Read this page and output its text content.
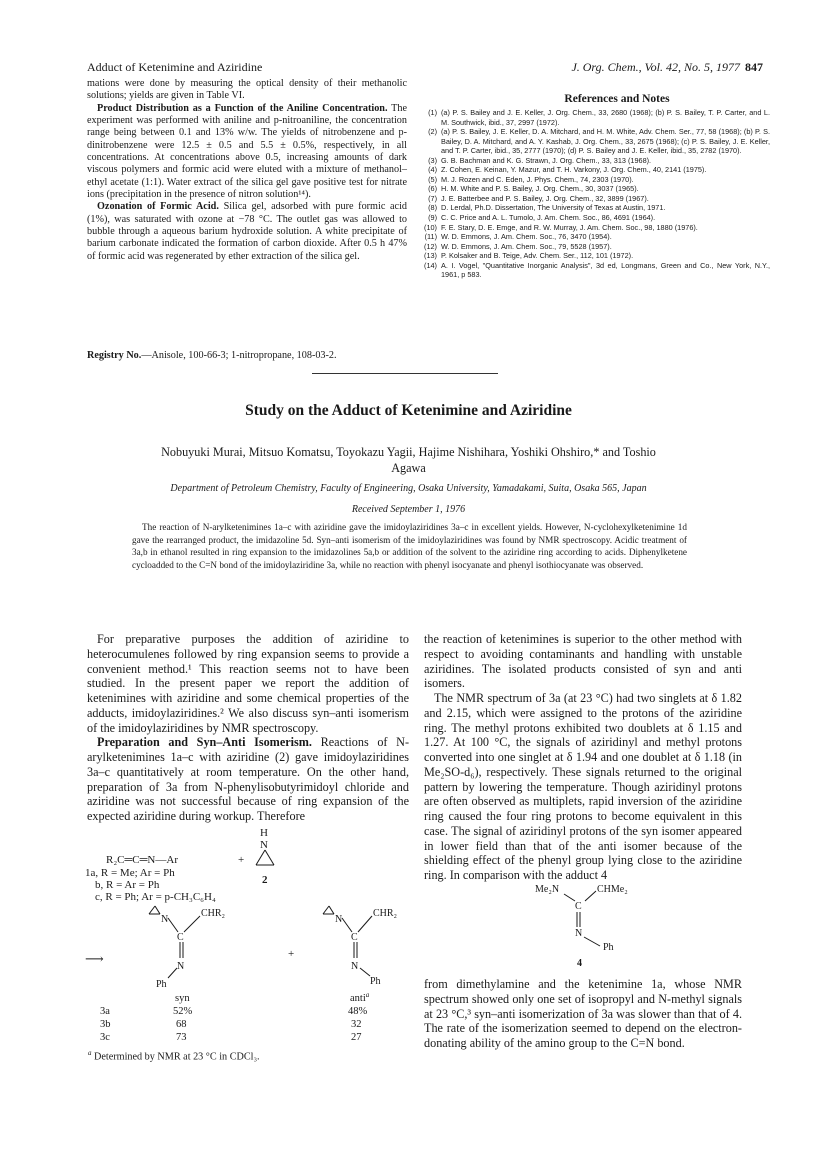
Adduct of Ketenimine and Aziridine	J. Org. Chem., Vol. 42, No. 5, 1977 847

mations were done by measuring the optical density of their methanolic solutions; yields are given in Table VI.

Product Distribution as a Function of the Aniline Concentration. The experiment was performed with aniline and p-nitroaniline, the concentration range being between 0.1 and 13% w/w. The yields of nitrobenzene and p-dinitrobenzene were 12.5 ± 0.5 and 5.5 ± 0.5%, respectively, in all concentrations. At concentrations above 0.5, increasing amounts of dark viscous polymers and formic acid were eluted with a mixture of methanol–ethyl acetate (1:1). Water extract of the silica gel gave positive test for nitrate ions (precipitation in the presence of nitron solution¹⁴).

Ozonation of Formic Acid. Silica gel, adsorbed with pure formic acid (1%), was saturated with ozone at −78 °C. The outlet gas was allowed to bubble through a aqueous barium hydroxide solution. A white precipitate of barium carbonate indicated the formation of carbon dioxide. After 0.5 h 47% of formic acid was regenerated by ether extraction of the silica gel.

Registry No.—Anisole, 100-66-3; 1-nitropropane, 108-03-2.
References and Notes
(1) (a) P. S. Bailey and J. E. Keller, J. Org. Chem., 33, 2680 (1968); (b) P. S. Bailey, T. P. Carter, and L. M. Southwick, ibid., 37, 2997 (1972).
(2) (a) P. S. Bailey, J. E. Keller, D. A. Mitchard, and H. M. White, Adv. Chem. Ser., 77, 58 (1968); (b) P. S. Bailey, D. A. Mitchard, and A. Y. Kashab, J. Org. Chem., 33, 2675 (1968); (c) P. S. Bailey, J. E. Keller, and T. P. Carter, ibid., 35, 2777 (1970); (d) P. S. Bailey and J. E. Keller, ibid., 35, 2782 (1970).
(3) G. B. Bachman and K. G. Strawn, J. Org. Chem., 33, 313 (1968).
(4) Z. Cohen, E. Keinan, Y. Mazur, and T. H. Varkony, J. Org. Chem., 40, 2141 (1975).
(5) M. J. Rozen and C. Eden, J. Phys. Chem., 74, 2303 (1970).
(6) H. M. White and P. S. Bailey, J. Org. Chem., 30, 3037 (1965).
(7) J. E. Batterbee and P. S. Bailey, J. Org. Chem., 32, 3899 (1967).
(8) D. Lerdal, Ph.D. Dissertation, The University of Texas at Austin, 1971.
(9) C. C. Price and A. L. Tumolo, J. Am. Chem. Soc., 86, 4691 (1964).
(10) F. E. Stary, D. E. Emge, and R. W. Murray, J. Am. Chem. Soc., 98, 1880 (1976).
(11) W. D. Emmons, J. Am. Chem. Soc., 76, 3470 (1954).
(12) W. D. Emmons, J. Am. Chem. Soc., 79, 5528 (1957).
(13) P. Kolsaker and B. Teige, Adv. Chem. Ser., 112, 101 (1972).
(14) A. I. Vogel, "Quantitative Inorganic Analysis", 3d ed, Longmans, Green and Co., New York, N.Y., 1961, p 583.
Study on the Adduct of Ketenimine and Aziridine
Nobuyuki Murai, Mitsuo Komatsu, Toyokazu Yagii, Hajime Nishihara, Yoshiki Ohshiro,* and Toshio Agawa
Department of Petroleum Chemistry, Faculty of Engineering, Osaka University, Yamadakami, Suita, Osaka 565, Japan
Received September 1, 1976
The reaction of N-arylketenimines 1a–c with aziridine gave the imidoylaziridines 3a–c in excellent yields. However, N-cyclohexylketenimine 1d gave the rearranged product, the imidazoline 5d. Syn–anti isomerism of the imidoylaziridines was found by NMR spectroscopy. Acidic treatment of 3a,b in ethanol resulted in ring expansion to the imidazolines 5a,b or addition of the solvent to the aziridine ring according to acids. Diphenylketene cycloadded to the C=N bond of the imidoylaziridine 3a, while no reaction with phenyl isocyanate and phenyl isothiocyanate was observed.

For preparative purposes the addition of aziridine to heterocumulenes followed by ring expansion seems to provide a convenient method.¹ This reaction seems not to have been studied. In the present paper we report the addition of ketenimines with aziridine and some chemical properties of the adducts, imidoylaziridines.² We also discuss syn–anti isomerism of the imidoylaziridines by NMR spectroscopy.

Preparation and Syn–Anti Isomerism. Reactions of N-arylketenimines 1a–c with aziridine (2) gave imidoylaziridines 3a–c quantitatively at room temperature. On the other hand, preparation of 3a from N-phenylisobutyrimidoyl chloride and aziridine was not successful because of ring expansion of the expected aziridine during workup. Therefore

the reaction of ketenimines is superior to the other method with respect to avoiding contaminants and handling with unstable aziridines. The isolated products consisted of syn and anti isomers.

The NMR spectrum of 3a (at 23 °C) had two singlets at δ 1.82 and 2.15, which were assigned to the protons of the aziridine ring. The methyl protons exhibited two doublets at δ 1.15 and 1.27. At 100 °C, the signals of aziridinyl and methyl protons converted into one singlet at δ 1.94 and one doublet at δ 1.18 (in Me₂SO-d₆), respectively. These signals returned to the original pattern by lowering the temperature. Though aziridinyl protons are often observed as multiplets, rapid inversion of the aziridine ring caused the four ring protons to become equivalent in this case. The signal of aziridinyl protons of the syn isomer appeared in lower field than that of the anti isomer because of the shielding effect of the phenyl group lying close to the aziridine ring. In comparison with the adduct 4

from dimethylamine and the ketenimine 1a, whose NMR spectrum showed only one set of isopropyl and N-methyl signals at 23 °C,³ syn–anti isomerization of 3a was slower than that of 4. The rate of the isomerization seemed to depend on the electron-donating ability of the amino group to the C=N bond.

R₂C═C═N—Ar	+
H
N
2
1a, R = Me; Ar = Ph
b, R = Ar = Ph
c, R = Ph; Ar = p-CH₃C₆H₄
N
CHR₂
C
N
Ph
N
CHR₂
C
N
Ph
⟶	+
syn	anti$^a$
3a	52%	48%
3b	68	32
3c	73	27
$^a$ Determined by NMR at 23 °C in CDCl₃.
Me₂N	CHMe₂
C
N
Ph
4
